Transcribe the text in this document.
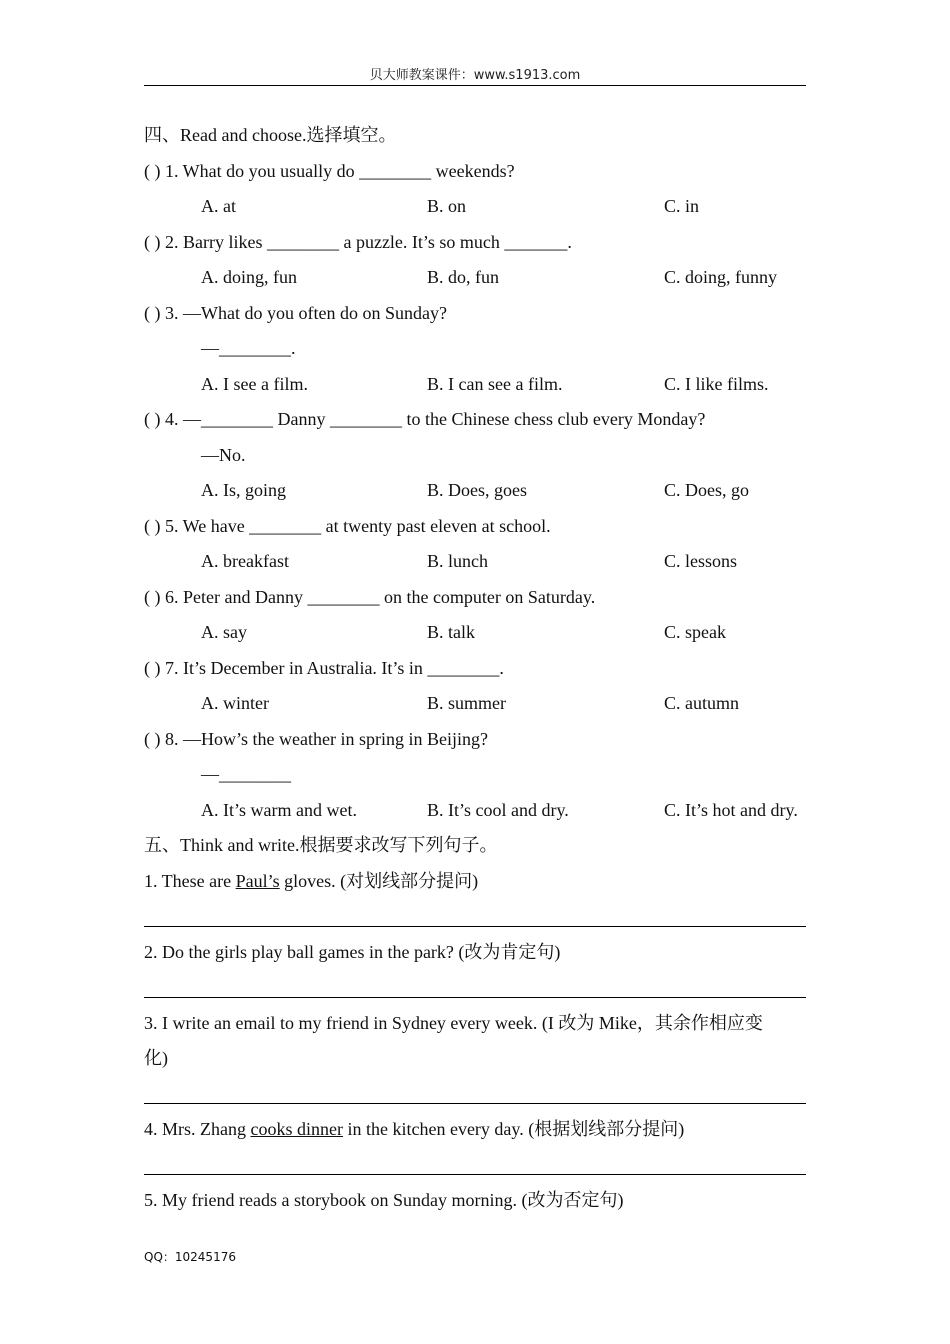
贝大师教案课件：www.s1913.com
四、Read and choose.选择填空。
( ) 1. What do you usually do ________ weekends?
A. at	B. on	C. in
( ) 2. Barry likes ________ a puzzle. It’s so much _______.
A. doing, fun	B. do, fun	C. doing, funny
( ) 3. —What do you often do on Sunday?
—________.
A. I see a film.	B. I can see a film.	C. I like films.
( ) 4. —________ Danny ________ to the Chinese chess club every Monday?
—No.
A. Is, going	B. Does, goes	C. Does, go
( ) 5. We have ________ at twenty past eleven at school.
A. breakfast	B. lunch	C. lessons
( ) 6. Peter and Danny ________ on the computer on Saturday.
A. say	B. talk	C. speak
( ) 7. It’s December in Australia. It’s in ________.
A. winter	B. summer	C. autumn
( ) 8. —How’s the weather in spring in Beijing?
—________
A. It’s warm and wet.	B. It’s cool and dry.	C. It’s hot and dry.
五、Think and write.根据要求改写下列句子。
1. These are Paul’s gloves. (对划线部分提问)
2. Do the girls play ball games in the park? (改为肯定句)
3. I write an email to my friend in Sydney every week. (I 改为 Mike，其余作相应变
化)
4. Mrs. Zhang cooks dinner in the kitchen every day. (根据划线部分提问)
5. My friend reads a storybook on Sunday morning. (改为否定句)
QQ：10245176
